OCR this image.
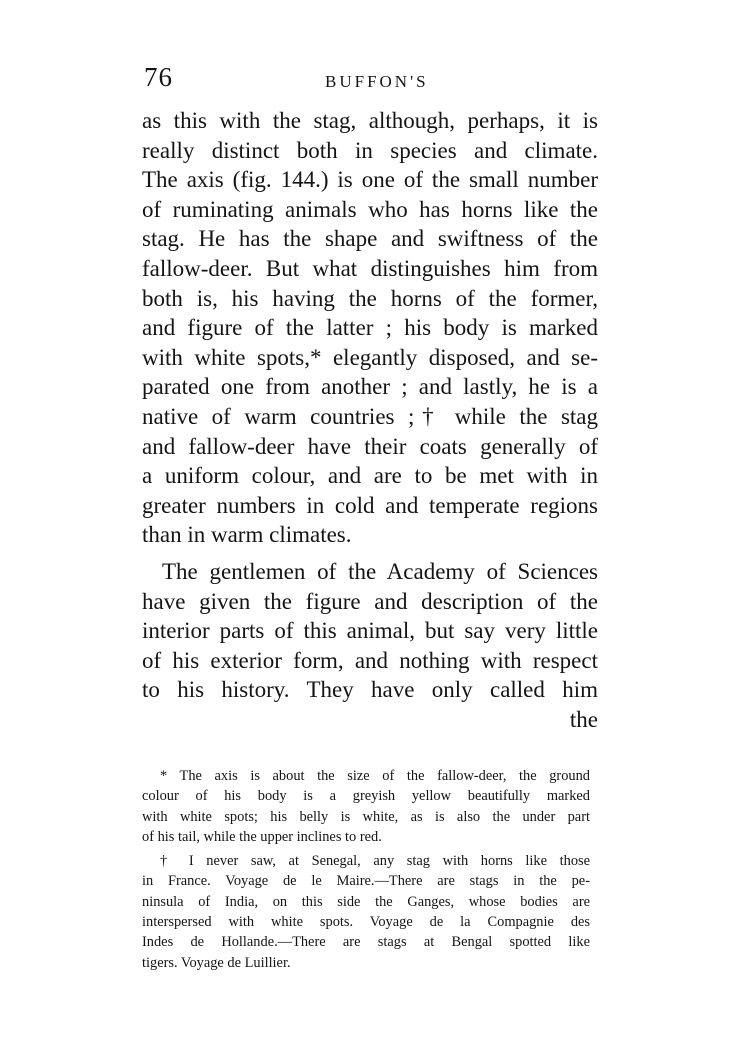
76	BUFFON'S
as this with the stag, although, perhaps, it is
really distinct both in species and climate.
The axis (fig. 144.) is one of the small number
of ruminating animals who has horns like the
stag. He has the shape and swiftness of the
fallow-deer. But what distinguishes him from
both is, his having the horns of the former,
and figure of the latter ; his body is marked
with white spots,* elegantly disposed, and se-
parated one from another ; and lastly, he is a
native of warm countries ;† while the stag
and fallow-deer have their coats generally of
a uniform colour, and are to be met with in
greater numbers in cold and temperate regions
than in warm climates.
The gentlemen of the Academy of Sciences
have given the figure and description of the
interior parts of this animal, but say very little
of his exterior form, and nothing with respect
to his history. They have only called him
the
* The axis is about the size of the fallow-deer, the ground
colour of his body is a greyish yellow beautifully marked
with white spots; his belly is white, as is also the under part
of his tail, while the upper inclines to red.
† I never saw, at Senegal, any stag with horns like those
in France. Voyage de le Maire.—There are stags in the pe-
ninsula of India, on this side the Ganges, whose bodies are
interspersed with white spots. Voyage de la Compagnie des
Indes de Hollande.—There are stags at Bengal spotted like
tigers. Voyage de Luillier.
